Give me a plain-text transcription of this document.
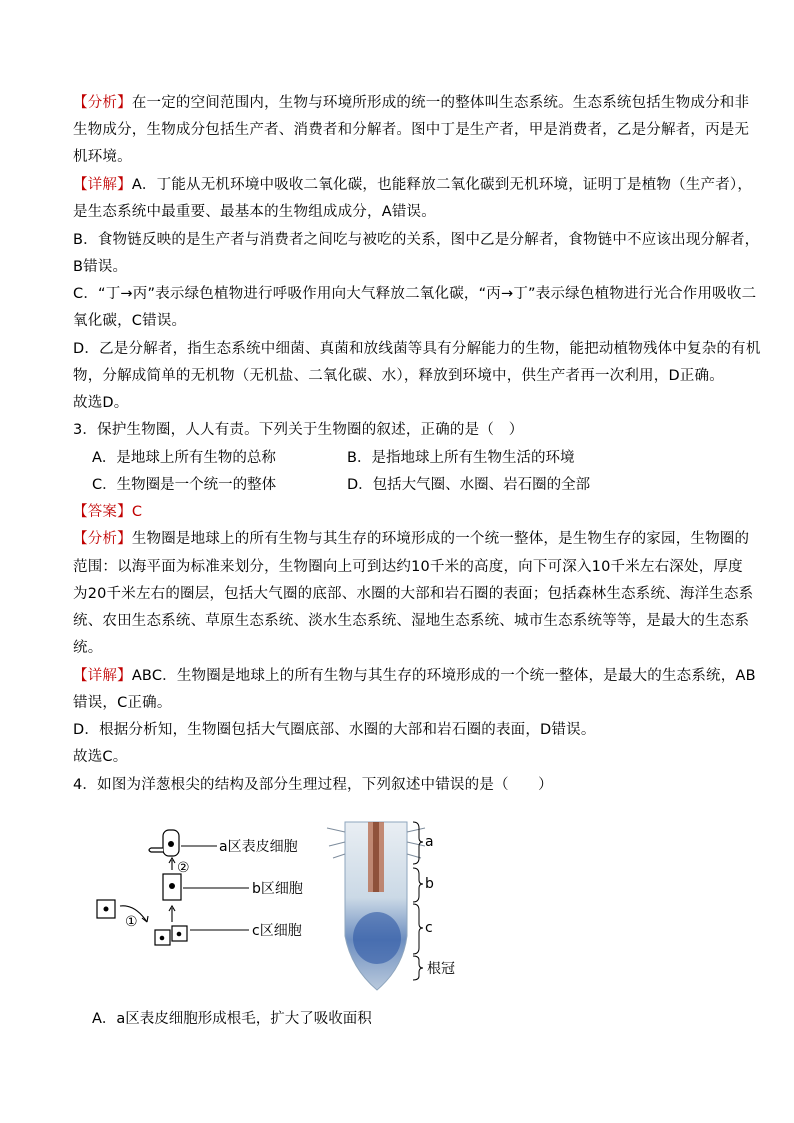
【分析】在一定的空间范围内，生物与环境所形成的统一的整体叫生态系统。生态系统包括生物成分和非
生物成分，生物成分包括生产者、消费者和分解者。图中丁是生产者，甲是消费者，乙是分解者，丙是无
机环境。
【详解】A．丁能从无机环境中吸收二氧化碳，也能释放二氧化碳到无机环境，证明丁是植物（生产者），
是生态系统中最重要、最基本的生物组成成分，A错误。
B．食物链反映的是生产者与消费者之间吃与被吃的关系，图中乙是分解者，食物链中不应该出现分解者，
B错误。
C．“丁→丙”表示绿色植物进行呼吸作用向大气释放二氧化碳，“丙→丁”表示绿色植物进行光合作用吸收二
氧化碳，C错误。
D．乙是分解者，指生态系统中细菌、真菌和放线菌等具有分解能力的生物，能把动植物残体中复杂的有机
物，分解成简单的无机物（无机盐、二氧化碳、水），释放到环境中，供生产者再一次利用，D正确。
故选D。
3．保护生物圈，人人有责。下列关于生物圈的叙述，正确的是（　）
A．是地球上所有生物的总称	B．是指地球上所有生物生活的环境
C．生物圈是一个统一的整体	D．包括大气圈、水圈、岩石圈的全部
【答案】C
【分析】生物圈是地球上的所有生物与其生存的环境形成的一个统一整体，是生物生存的家园，生物圈的
范围：以海平面为标准来划分，生物圈向上可到达约10千米的高度，向下可深入10千米左右深处，厚度
为20千米左右的圈层，包括大气圈的底部、水圈的大部和岩石圈的表面；包括森林生态系统、海洋生态系
统、农田生态系统、草原生态系统、淡水生态系统、湿地生态系统、城市生态系统等等，是最大的生态系
统。
【详解】ABC．生物圈是地球上的所有生物与其生存的环境形成的一个统一整体，是最大的生态系统，AB
错误，C正确。
D．根据分析知，生物圈包括大气圈底部、水圈的大部和岩石圈的表面，D错误。
故选C。
4．如图为洋葱根尖的结构及部分生理过程，下列叙述中错误的是（　　）
a区表皮细胞
b区细胞
c区细胞
②
①
a
b
c
根冠
A．a区表皮细胞形成根毛，扩大了吸收面积
